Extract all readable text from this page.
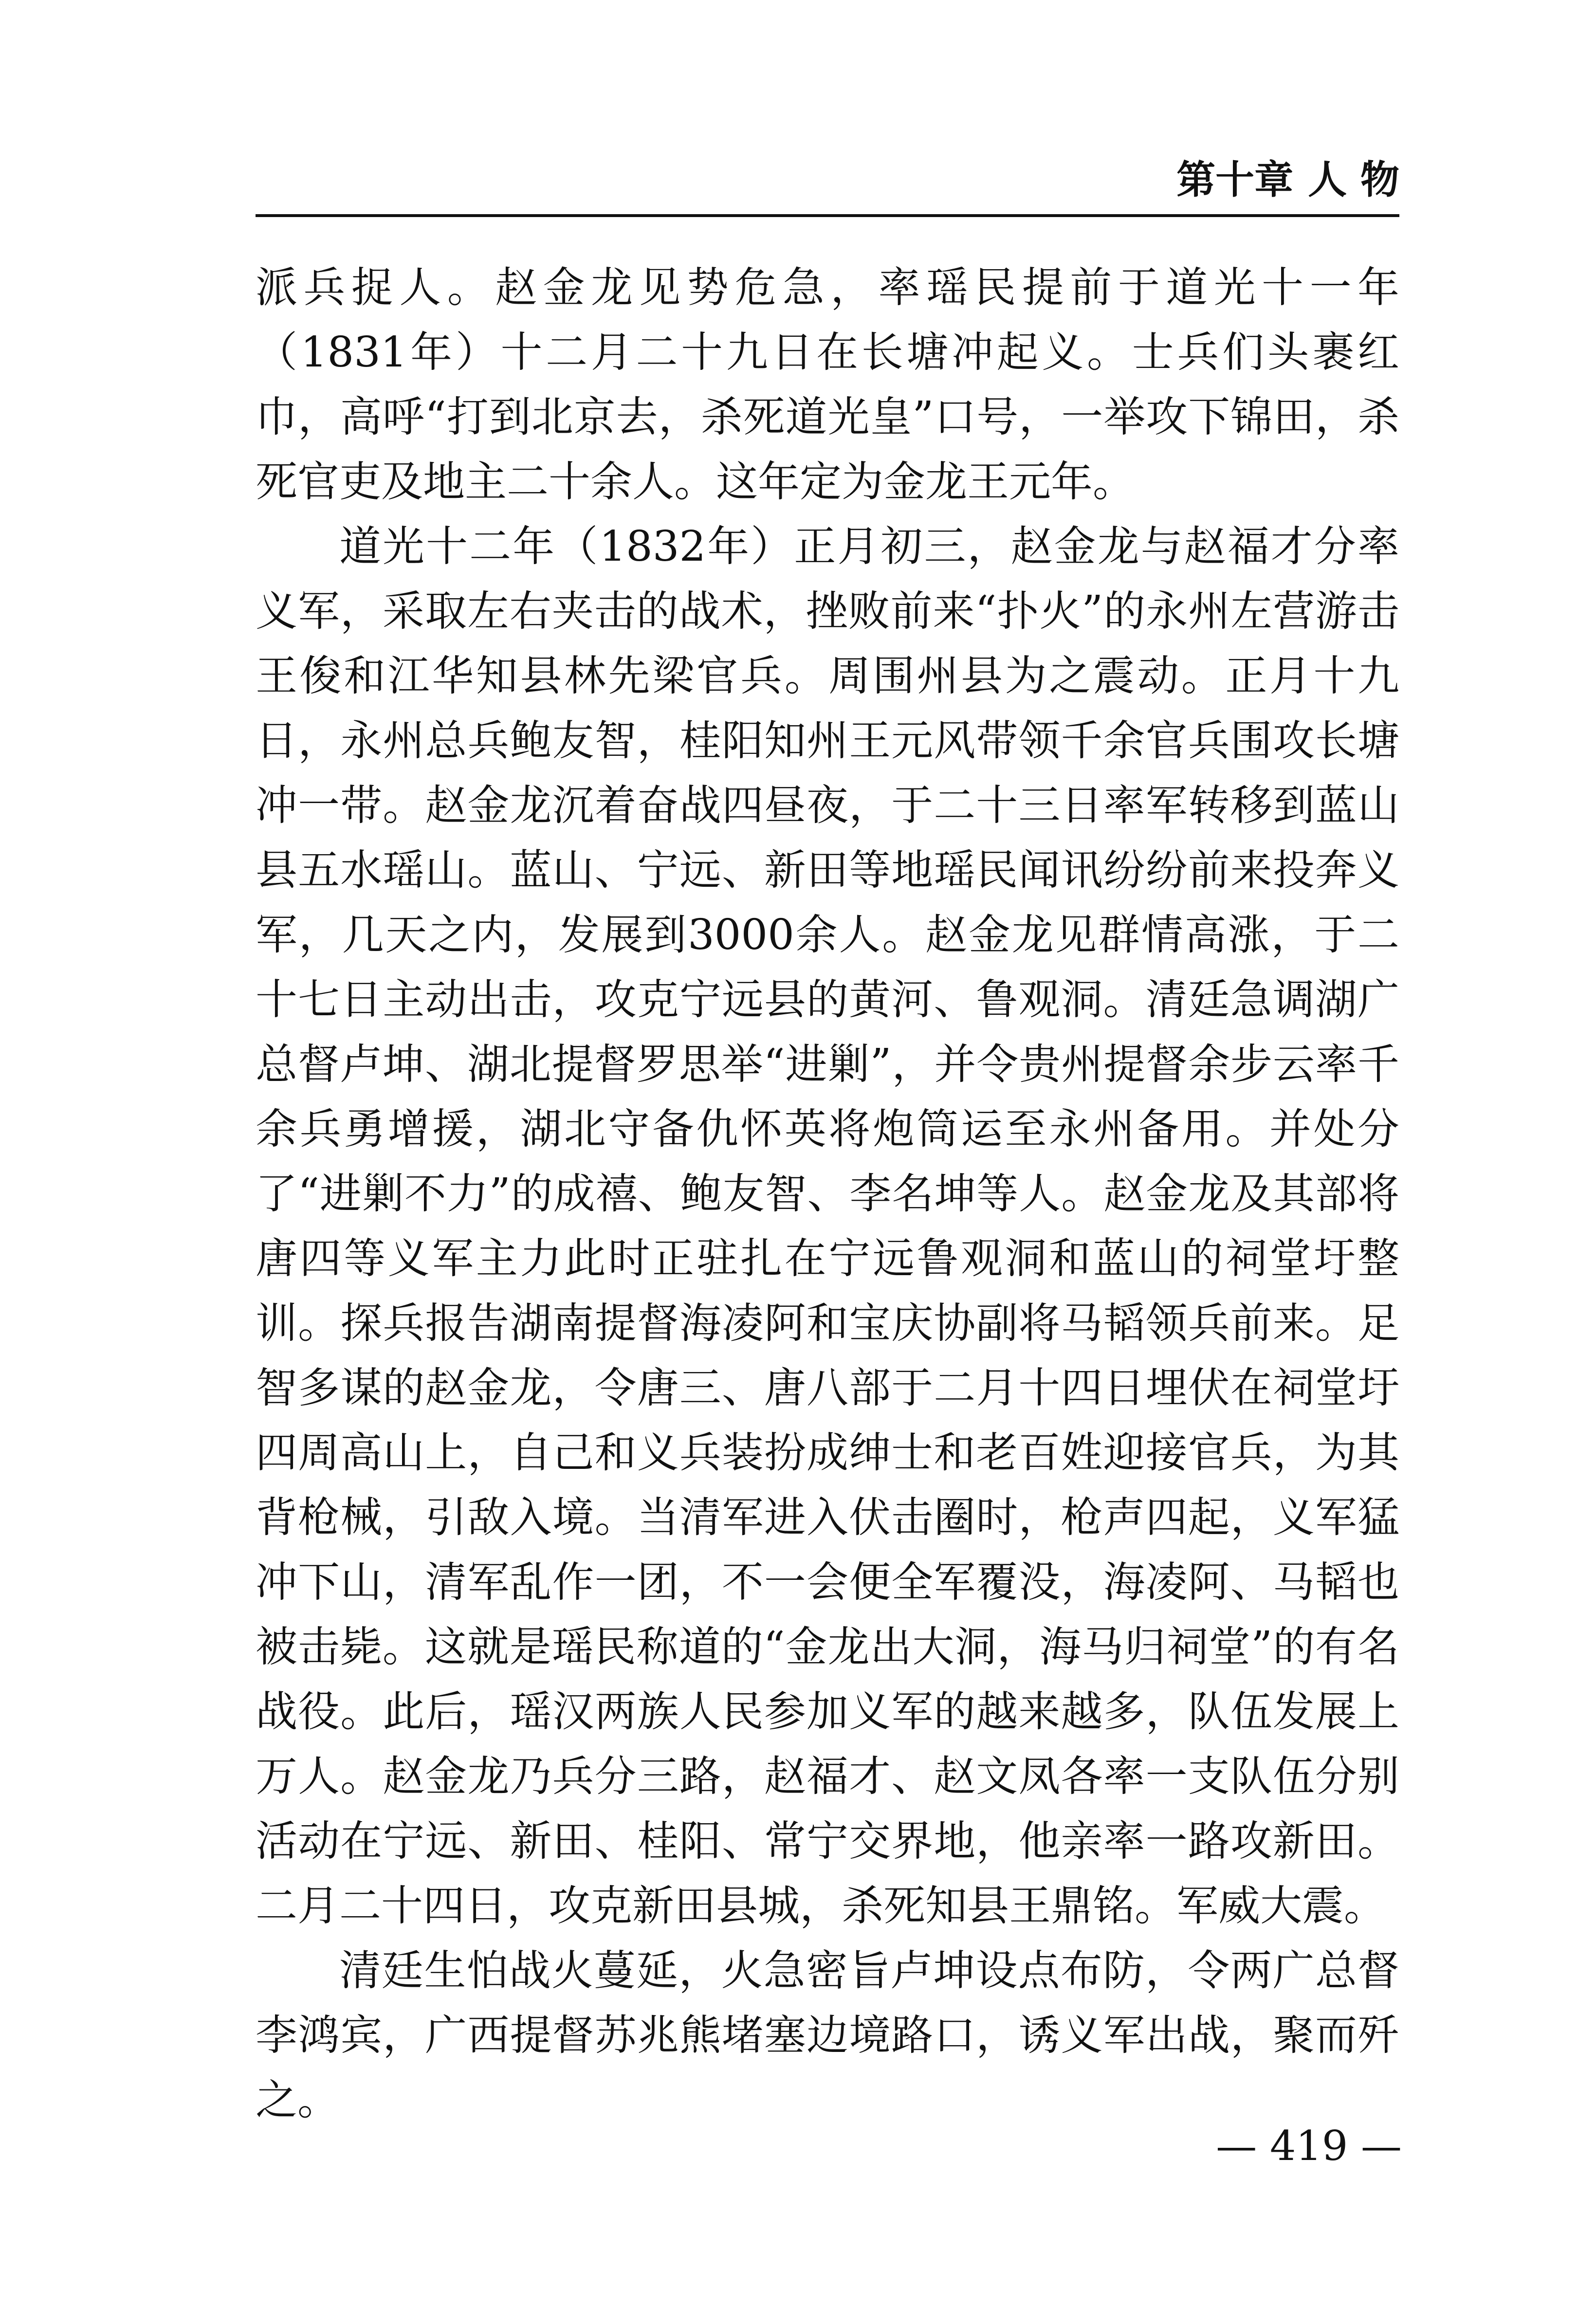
第十章 人 物

派兵捉人。赵金龙见势危急，率瑶民提前于道光十一年（1831年）十二月二十九日在长塘冲起义。士兵们头裹红巾，高呼“打到北京去，杀死道光皇”口号，一举攻下锦田，杀死官吏及地主二十余人。这年定为金龙王元年。

道光十二年（1832年）正月初三，赵金龙与赵福才分率义军，采取左右夹击的战术，挫败前来“扑火”的永州左营游击王俊和江华知县林先梁官兵。周围州县为之震动。正月十九日，永州总兵鲍友智，桂阳知州王元风带领千余官兵围攻长塘冲一带。赵金龙沉着奋战四昼夜，于二十三日率军转移到蓝山县五水瑶山。蓝山、宁远、新田等地瑶民闻讯纷纷前来投奔义军，几天之内，发展到3000余人。赵金龙见群情高涨，于二十七日主动出击，攻克宁远县的黄河、鲁观洞。清廷急调湖广总督卢坤、湖北提督罗思举“进剿”，并令贵州提督余步云率千余兵勇增援，湖北守备仇怀英将炮筒运至永州备用。并处分了“进剿不力”的成禧、鲍友智、李名坤等人。赵金龙及其部将唐四等义军主力此时正驻扎在宁远鲁观洞和蓝山的祠堂圩整训。探兵报告湖南提督海凌阿和宝庆协副将马韬领兵前来。足智多谋的赵金龙，令唐三、唐八部于二月十四日埋伏在祠堂圩四周高山上，自己和义兵装扮成绅士和老百姓迎接官兵，为其背枪械，引敌入境。当清军进入伏击圈时，枪声四起，义军猛冲下山，清军乱作一团，不一会便全军覆没，海凌阿、马韬也被击毙。这就是瑶民称道的“金龙出大洞，海马归祠堂”的有名战役。此后，瑶汉两族人民参加义军的越来越多，队伍发展上万人。赵金龙乃兵分三路，赵福才、赵文凤各率一支队伍分别活动在宁远、新田、桂阳、常宁交界地，他亲率一路攻新田。二月二十四日，攻克新田县城，杀死知县王鼎铭。军威大震。

清廷生怕战火蔓延，火急密旨卢坤设点布防，令两广总督李鸿宾，广西提督苏兆熊堵塞边境路口，诱义军出战，聚而歼之。

— 419 —
